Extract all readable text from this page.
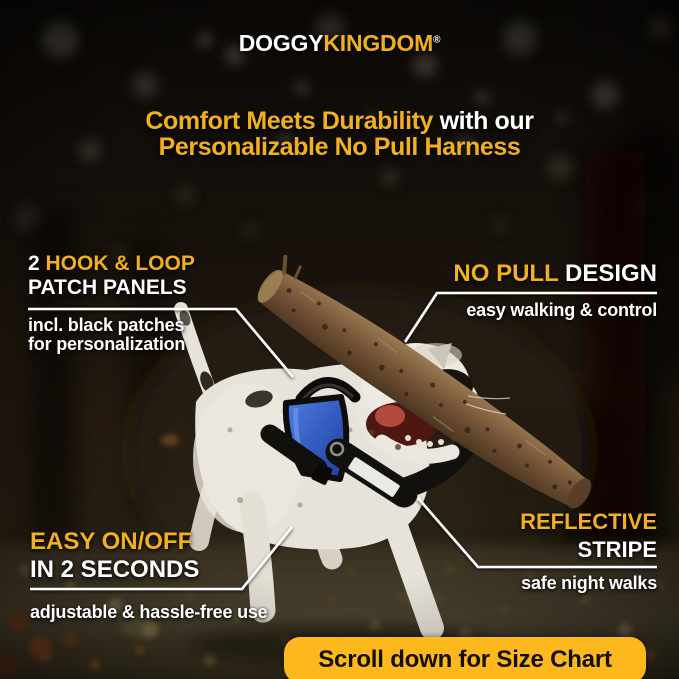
DOGGYKINGDOM®
Comfort Meets Durability with our
Personalizable No Pull Harness
2 HOOK & LOOP
PATCH PANELS
incl. black patches
for personalization
NO PULL DESIGN
easy walking & control
EASY ON/OFF
IN 2 SECONDS
adjustable & hassle-free use
REFLECTIVE
STRIPE
safe night walks
Scroll down for Size Chart
